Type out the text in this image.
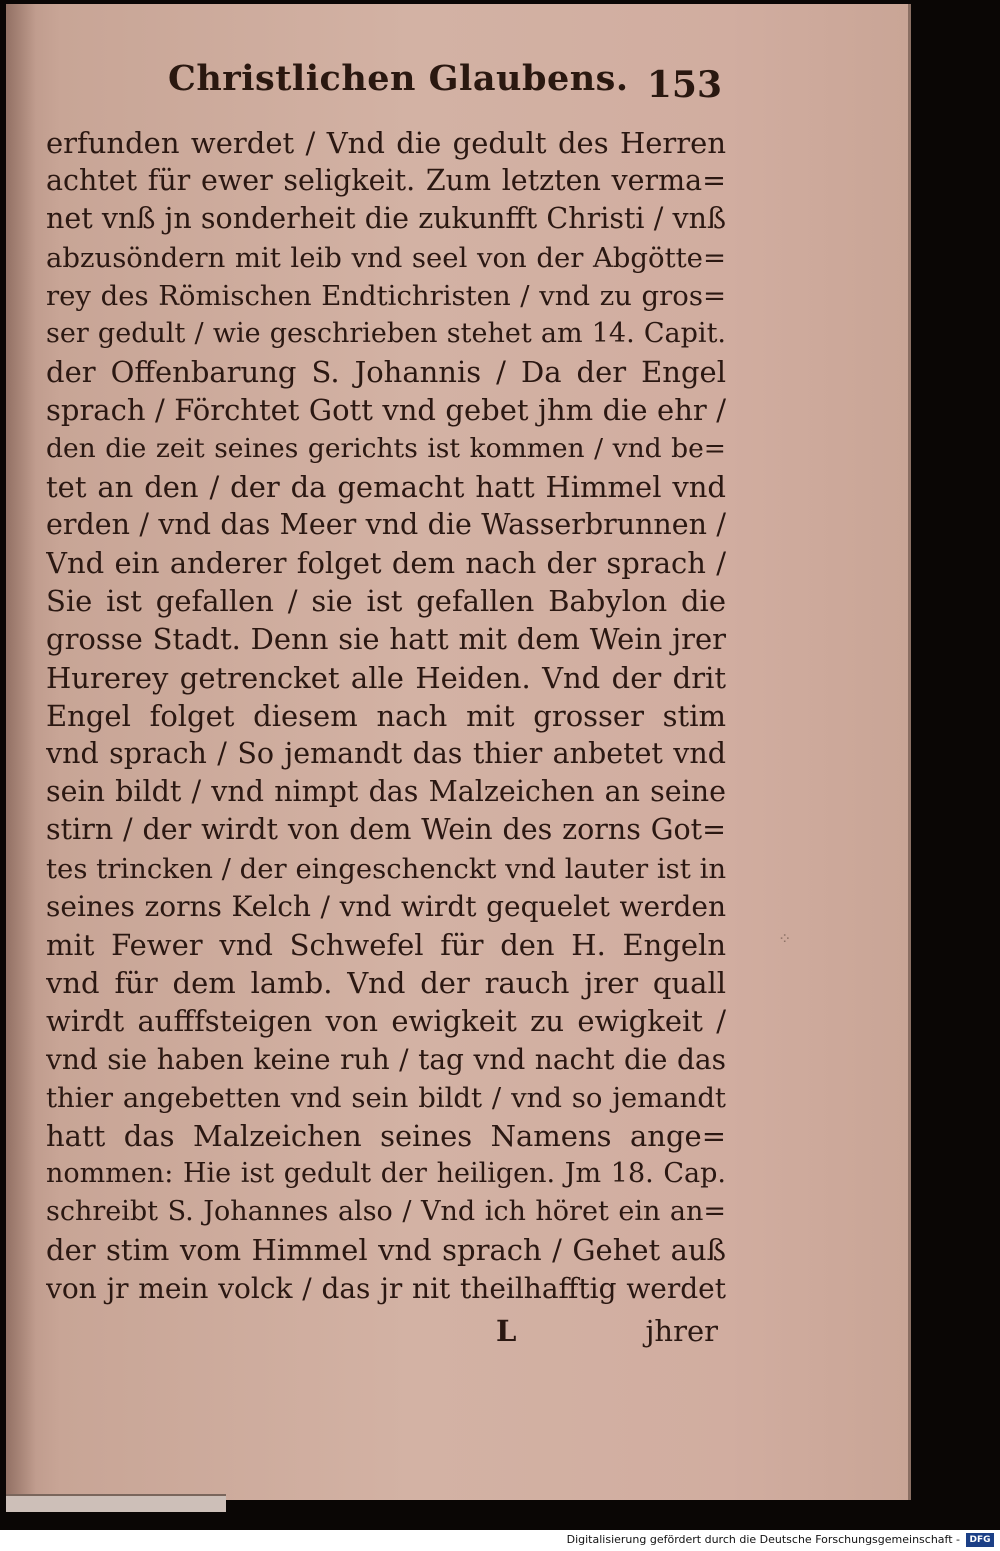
Christlichen Glaubens. 153
erfunden werdet / Vnd die gedult des Herren
achtet für ewer seligkeit. Zum letzten verma=
net vnß jn sonderheit die zukunfft Christi / vnß
abzusöndern mit leib vnd seel von der Abgötte=
rey des Römischen Endtichristen / vnd zu gros=
ser gedult / wie geschrieben stehet am 14. Capit.
der Offenbarung S. Johannis / Da der Engel
sprach / Förchtet Gott vnd gebet jhm die ehr /
den die zeit seines gerichts ist kommen / vnd be=
tet an den / der da gemacht hatt Himmel vnd
erden / vnd das Meer vnd die Wasserbrunnen /
Vnd ein anderer folget dem nach der sprach /
Sie ist gefallen / sie ist gefallen Babylon die
grosse Stadt. Denn sie hatt mit dem Wein jrer
Hurerey getrencket alle Heiden. Vnd der drit
Engel folget diesem nach mit grosser stim
vnd sprach / So jemandt das thier anbetet vnd
sein bildt / vnd nimpt das Malzeichen an seine
stirn / der wirdt von dem Wein des zorns Got=
tes trincken / der eingeschenckt vnd lauter ist in
seines zorns Kelch / vnd wirdt gequelet werden
mit Fewer vnd Schwefel für den H. Engeln
vnd für dem lamb. Vnd der rauch jrer quall
wirdt aufffsteigen von ewigkeit zu ewigkeit /
vnd sie haben keine ruh / tag vnd nacht die das
thier angebetten vnd sein bildt / vnd so jemandt
hatt das Malzeichen seines Namens ange=
nommen: Hie ist gedult der heiligen. Jm 18. Cap.
schreibt S. Johannes also / Vnd ich höret ein an=
der stim vom Himmel vnd sprach / Gehet auß
von jr mein volck / das jr nit theilhafftig werdet
L	jhrer
⁘
Digitalisierung gefördert durch die Deutsche Forschungsgemeinschaft -	DFG
